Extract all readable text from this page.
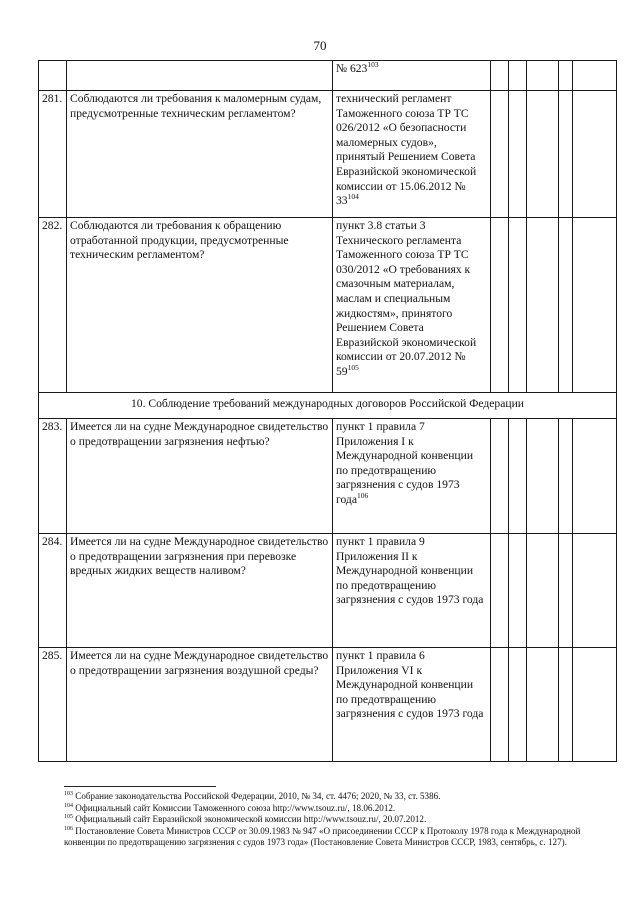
70
		№ $623^{103}$					
281.	Соблюдаются ли требования к маломерным судам, предусмотренные техническим регламентом?	технический регламент Таможенного союза ТР ТС 026/2012 «О безопасности маломерных судов», принятый Решением Совета Евразийской экономической комиссии от 15.06.2012 № $33^{104}$					
282.	Соблюдаются ли требования к обращению отработанной продукции, предусмотренные техническим регламентом?	пункт 3.8 статьи 3 Технического регламента Таможенного союза ТР ТС 030/2012 «О требованиях к смазочным материалам, маслам и специальным жидкостям», принятого Решением Совета Евразийской экономической комиссии от 20.07.2012 № $59^{105}$					
10. Соблюдение требований международных договоров Российской Федерации							
283.	Имеется ли на судне Международное свидетельство о предотвращении загрязнения нефтью?	пункт 1 правила 7 Приложения I к Международной конвенции по предотвращению загрязнения с судов 1973 года$^{106}$					
284.	Имеется ли на судне Международное свидетельство о предотвращении загрязнения при перевозке вредных жидких веществ наливом?	пункт 1 правила 9 Приложения II к Международной конвенции по предотвращению загрязнения с судов 1973 года					
285.	Имеется ли на судне Международное свидетельство о предотвращении загрязнения воздушной среды?	пункт 1 правила 6 Приложения VI к Международной конвенции по предотвращению загрязнения с судов 1973 года					

$^{103}$ Собрание законодательства Российской Федерации, 2010, № 34, ст. 4476; 2020, № 33, ст. 5386.

$^{104}$ Официальный сайт Комиссии Таможенного союза http://www.tsouz.ru/, 18.06.2012.

$^{105}$ Официальный сайт Евразийской экономической комиссии http://www.tsouz.ru/, 20.07.2012.

$^{106}$ Постановление Совета Министров СССР от 30.09.1983 № 947 «О присоединении СССР к Протоколу 1978 года к Международной конвенции по предотвращению загрязнения с судов 1973 года» (Постановление Совета Министров СССР, 1983, сентябрь, с. 127).
